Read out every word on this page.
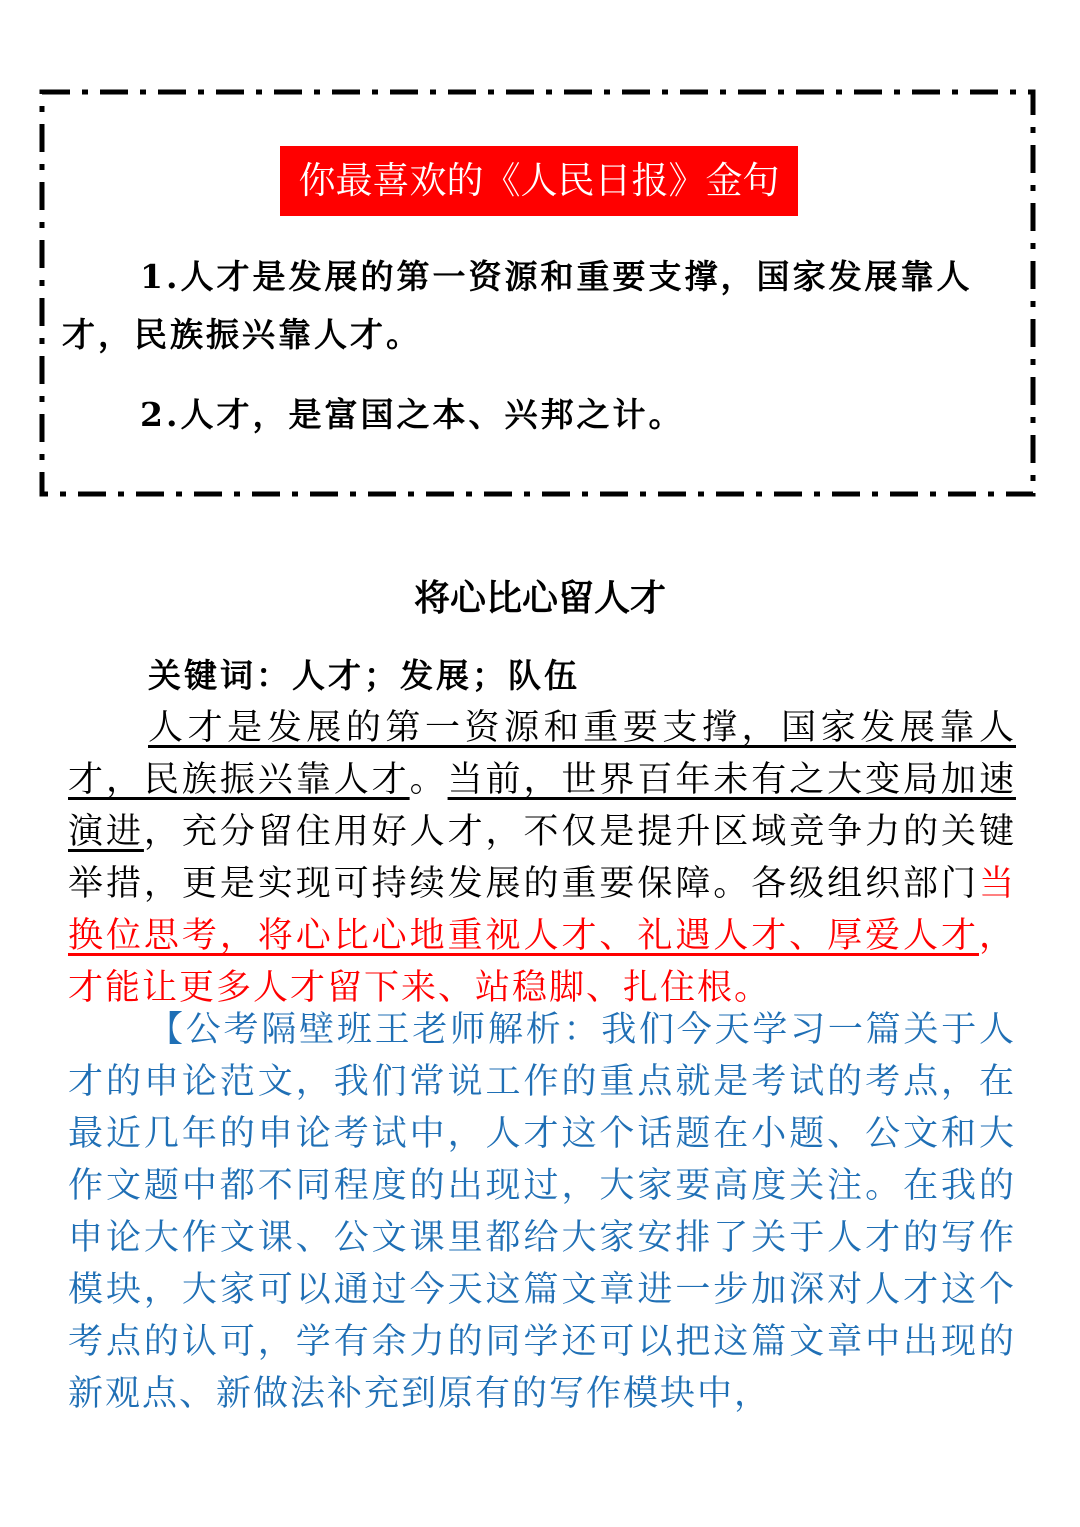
你最喜欢的《人民日报》金句

1.人才是发展的第一资源和重要支撑，国家发展靠人才，民族振兴靠人才。

2.人才，是富国之本、兴邦之计。

将心比心留人才

关键词：人才；发展；队伍

人才是发展的第一资源和重要支撑，国家发展靠人才，民族振兴靠人才。当前，世界百年未有之大变局加速演进，充分留住用好人才，不仅是提升区域竞争力的关键举措，更是实现可持续发展的重要保障。各级组织部门当换位思考，将心比心地重视人才、礼遇人才、厚爱人才，才能让更多人才留下来、站稳脚、扎住根。

【公考隔壁班王老师解析：我们今天学习一篇关于人才的申论范文，我们常说工作的重点就是考试的考点，在最近几年的申论考试中，人才这个话题在小题、公文和大作文题中都不同程度的出现过，大家要高度关注。在我的申论大作文课、公文课里都给大家安排了关于人才的写作模块，大家可以通过今天这篇文章进一步加深对人才这个考点的认可，学有余力的同学还可以把这篇文章中出现的新观点、新做法补充到原有的写作模块中，
